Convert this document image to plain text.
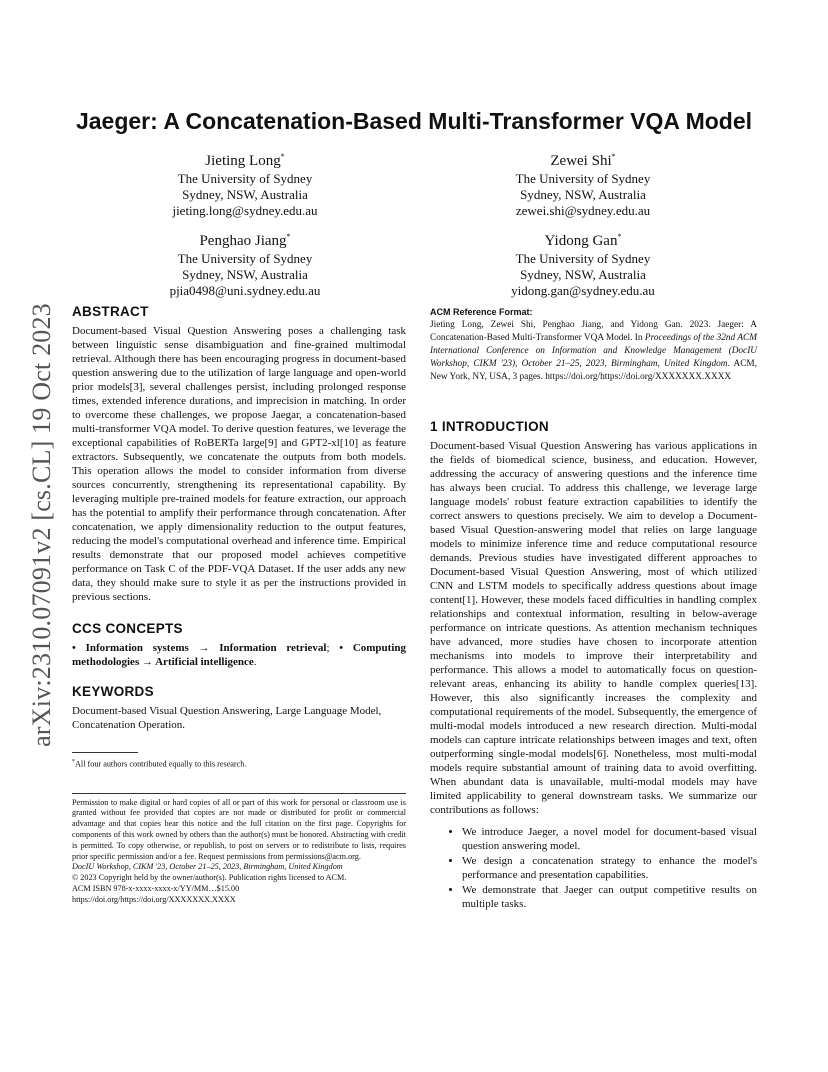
arXiv:2310.07091v2 [cs.CL] 19 Oct 2023
Jaeger: A Concatenation-Based Multi-Transformer VQA Model
Jieting Long*
The University of Sydney
Sydney, NSW, Australia
jieting.long@sydney.edu.au
Zewei Shi*
The University of Sydney
Sydney, NSW, Australia
zewei.shi@sydney.edu.au
Penghao Jiang*
The University of Sydney
Sydney, NSW, Australia
pjia0498@uni.sydney.edu.au
Yidong Gan*
The University of Sydney
Sydney, NSW, Australia
yidong.gan@sydney.edu.au
ABSTRACT

Document-based Visual Question Answering poses a challenging task between linguistic sense disambiguation and fine-grained multimodal retrieval. Although there has been encouraging progress in document-based question answering due to the utilization of large language and open-world prior models[3], several challenges persist, including prolonged response times, extended inference durations, and imprecision in matching. In order to overcome these challenges, we propose Jaegar, a concatenation-based multi-transformer VQA model. To derive question features, we leverage the exceptional capabilities of RoBERTa large[9] and GPT2-xl[10] as feature extractors. Subsequently, we concatenate the outputs from both models. This operation allows the model to consider information from diverse sources concurrently, strengthening its representational capability. By leveraging multiple pre-trained models for feature extraction, our approach has the potential to amplify their performance through concatenation. After concatenation, we apply dimensionality reduction to the output features, reducing the model's computational overhead and inference time. Empirical results demonstrate that our proposed model achieves competitive performance on Task C of the PDF-VQA Dataset. If the user adds any new data, they should make sure to style it as per the instructions provided in previous sections.

CCS CONCEPTS

• Information systems → Information retrieval; • Computing methodologies → Artificial intelligence.

KEYWORDS

Document-based Visual Question Answering, Large Language Model, Concatenation Operation.

*All four authors contributed equally to this research.

Permission to make digital or hard copies of all or part of this work for personal or classroom use is granted without fee provided that copies are not made or distributed for profit or commercial advantage and that copies bear this notice and the full citation on the first page. Copyrights for components of this work owned by others than the author(s) must be honored. Abstracting with credit is permitted. To copy otherwise, or republish, to post on servers or to redistribute to lists, requires prior specific permission and/or a fee. Request permissions from permissions@acm.org.

DocIU Workshop, CIKM '23, October 21–25, 2023, Birmingham, United Kingdom

© 2023 Copyright held by the owner/author(s). Publication rights licensed to ACM.

ACM ISBN 978-x-xxxx-xxxx-x/YY/MM…$15.00

https://doi.org/https://doi.org/XXXXXXX.XXXX

ACM Reference Format:

Jieting Long, Zewei Shi, Penghao Jiang, and Yidong Gan. 2023. Jaeger: A Concatenation-Based Multi-Transformer VQA Model. In Proceedings of the 32nd ACM International Conference on Information and Knowledge Management (DocIU Workshop, CIKM '23), October 21–25, 2023, Birmingham, United Kingdom. ACM, New York, NY, USA, 3 pages. https://doi.org/https://doi.org/XXXXXXX.XXXX

1 INTRODUCTION

Document-based Visual Question Answering has various applications in the fields of biomedical science, business, and education. However, addressing the accuracy of answering questions and the inference time has always been crucial. To address this challenge, we leverage large language models' robust feature extraction capabilities to identify the correct answers to questions precisely. We aim to develop a Document-based Visual Question-answering model that relies on large language models to minimize inference time and reduce computational resource demands. Previous studies have investigated different approaches to Document-based Visual Question Answering, most of which utilized CNN and LSTM models to specifically address questions about image content[1]. However, these models faced difficulties in handling complex relationships and contextual information, resulting in below-average performance on intricate questions. As attention mechanism techniques have advanced, more studies have chosen to incorporate attention mechanisms into models to improve their interpretability and performance. This allows a model to automatically focus on question-relevant areas, enhancing its ability to handle complex queries[13]. However, this also significantly increases the complexity and computational requirements of the model. Subsequently, the emergence of multi-modal models introduced a new research direction. Multi-modal models can capture intricate relationships between images and text, often outperforming single-modal models[6]. Nonetheless, most multi-modal models require substantial amount of training data to avoid overfitting. When abundant data is unavailable, multi-modal models may have limited applicability to general downstream tasks. We summarize our contributions as follows:

• We introduce Jaeger, a novel model for document-based visual question answering model.
• We design a concatenation strategy to enhance the model's performance and presentation capabilities.
• We demonstrate that Jaeger can output competitive results on multiple tasks.
